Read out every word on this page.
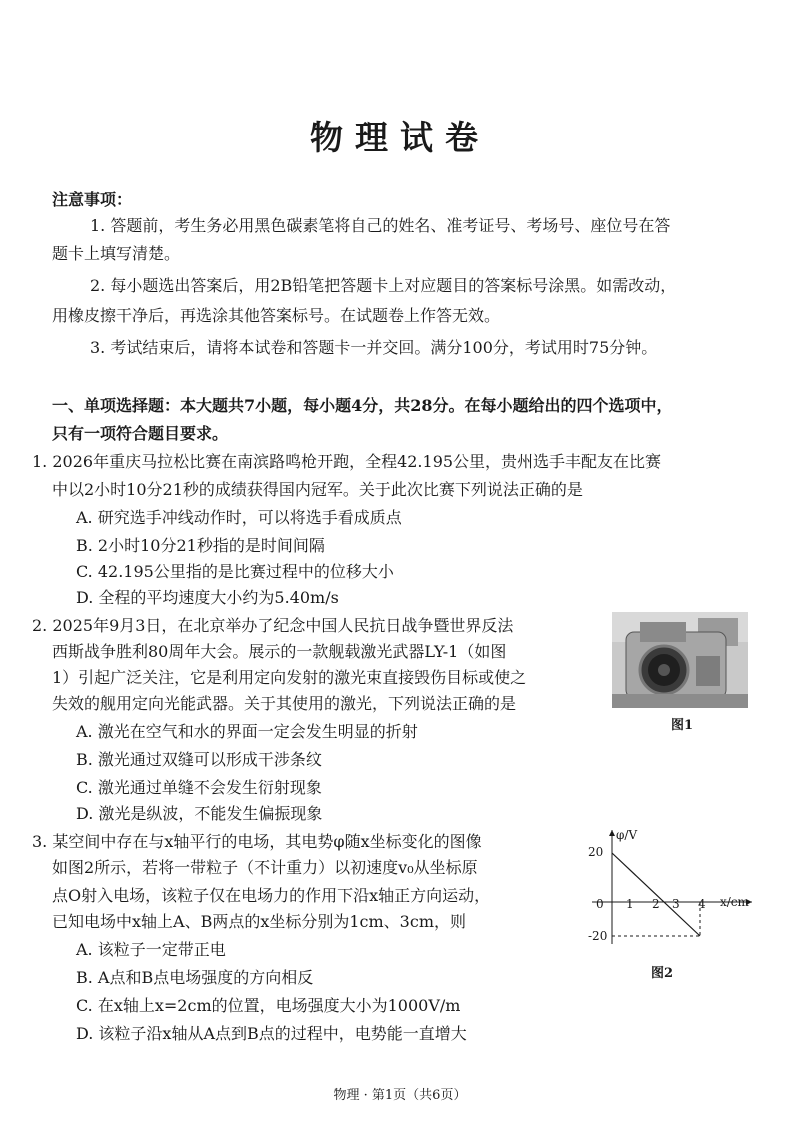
物理试卷
注意事项：
1. 答题前，考生务必用黑色碳素笔将自己的姓名、准考证号、考场号、座位号在答
题卡上填写清楚。
2. 每小题选出答案后，用2B铅笔把答题卡上对应题目的答案标号涂黑。如需改动，
用橡皮擦干净后，再选涂其他答案标号。在试题卷上作答无效。
3. 考试结束后，请将本试卷和答题卡一并交回。满分100分，考试用时75分钟。
一、单项选择题：本大题共7小题，每小题4分，共28分。在每小题给出的四个选项中，
只有一项符合题目要求。
1. 2026年重庆马拉松比赛在南滨路鸣枪开跑，全程42.195公里，贵州选手丰配友在比赛
中以2小时10分21秒的成绩获得国内冠军。关于此次比赛下列说法正确的是
A. 研究选手冲线动作时，可以将选手看成质点
B. 2小时10分21秒指的是时间间隔
C. 42.195公里指的是比赛过程中的位移大小
D. 全程的平均速度大小约为5.40m/s
2. 2025年9月3日，在北京举办了纪念中国人民抗日战争暨世界反法
西斯战争胜利80周年大会。展示的一款舰载激光武器LY-1（如图
1）引起广泛关注，它是利用定向发射的激光束直接毁伤目标或使之
失效的舰用定向光能武器。关于其使用的激光，下列说法正确的是
A. 激光在空气和水的界面一定会发生明显的折射
B. 激光通过双缝可以形成干涉条纹
C. 激光通过单缝不会发生衍射现象
D. 激光是纵波，不能发生偏振现象
图1
3. 某空间中存在与x轴平行的电场，其电势φ随x坐标变化的图像
如图2所示，若将一带粒子（不计重力）以初速度v₀从坐标原
点O射入电场，该粒子仅在电场力的作用下沿x轴正方向运动，
已知电场中x轴上A、B两点的x坐标分别为1cm、3cm，则
A. 该粒子一定带正电
B. A点和B点电场强度的方向相反
C. 在x轴上x=2cm的位置，电场强度大小为1000V/m
D. 该粒子沿x轴从A点到B点的过程中，电势能一直增大
φ/V
x/cm
0
20
-20
1 2 3 4
图2
物理 · 第1页（共6页）
